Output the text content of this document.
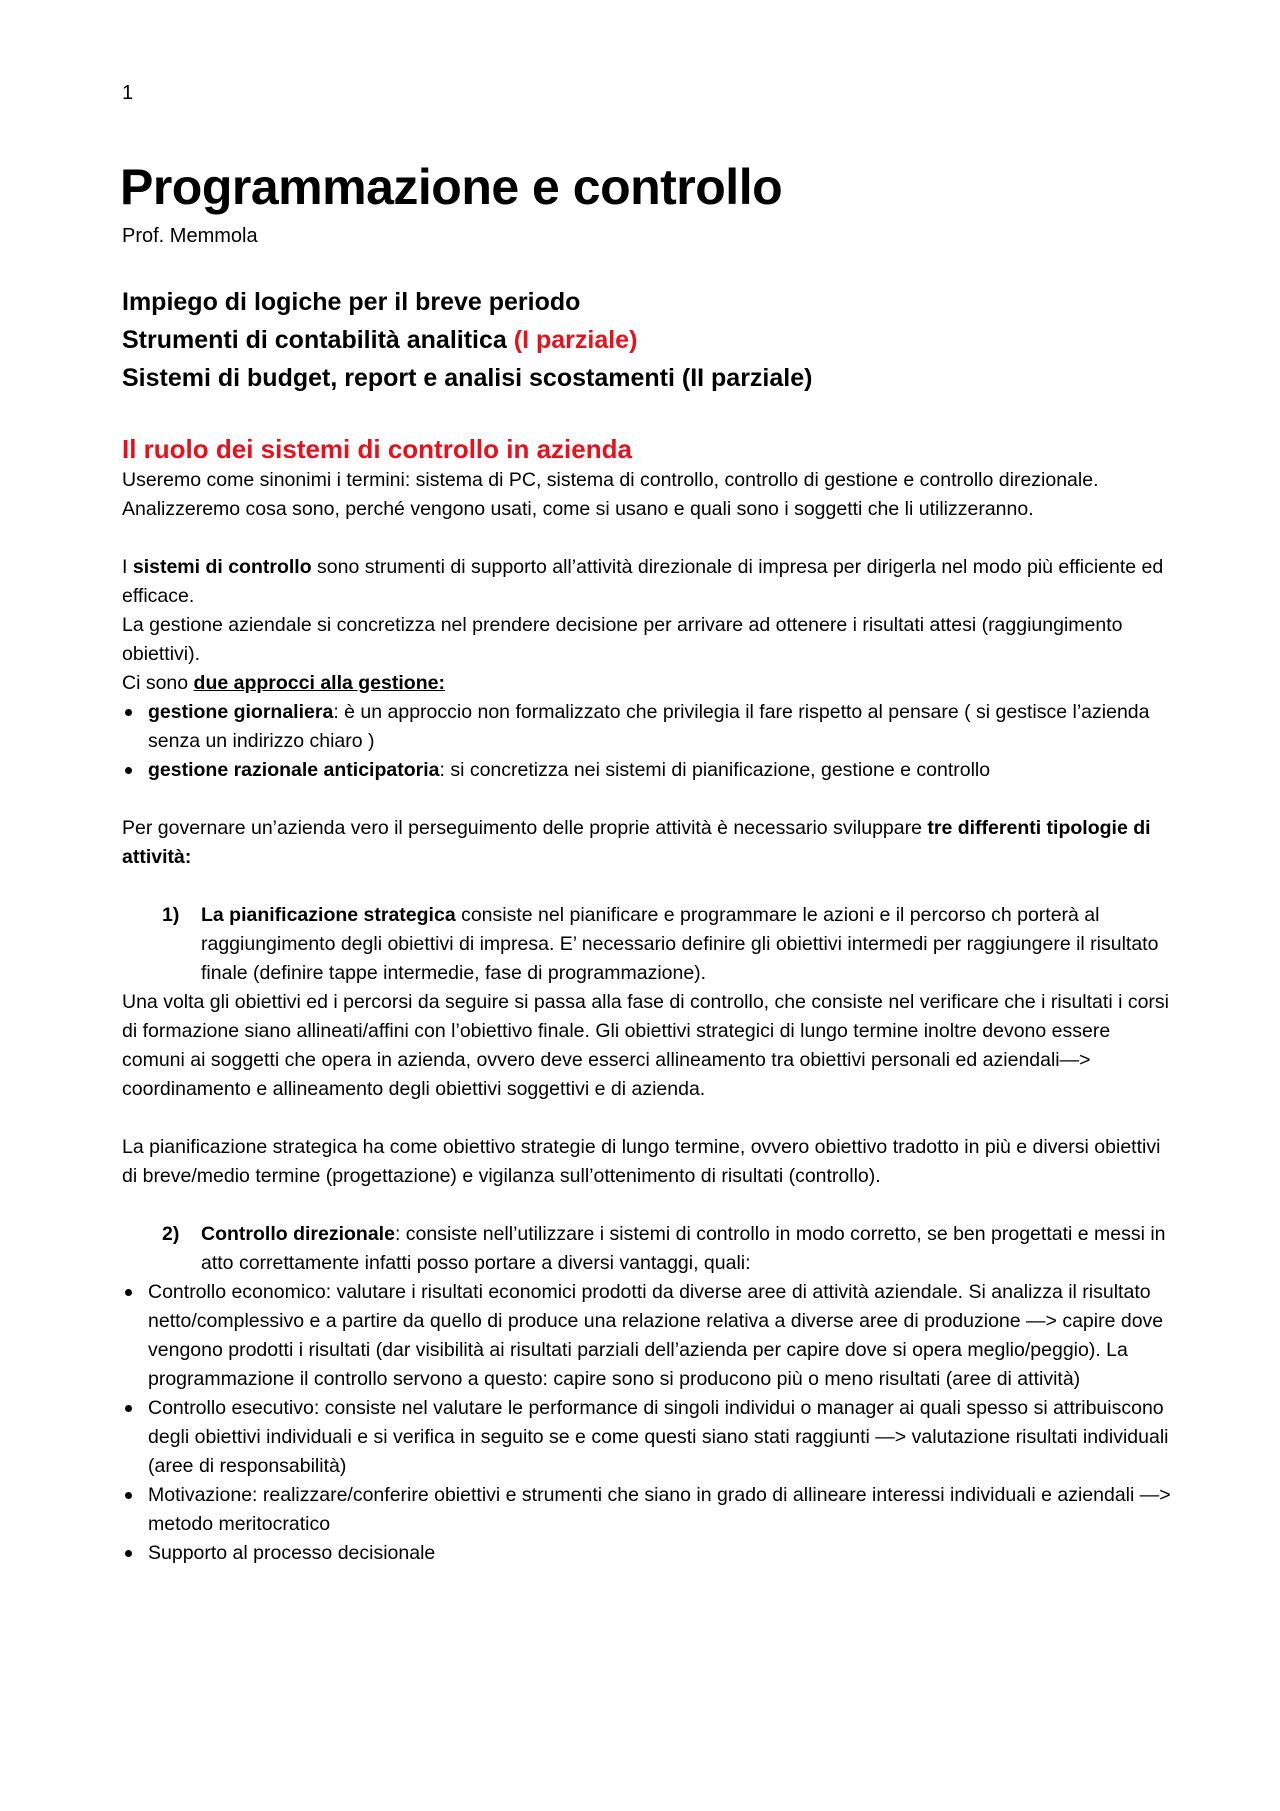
1
Programmazione e controllo
Prof. Memmola
Impiego di logiche per il breve periodo
Strumenti di contabilità analitica (I parziale)
Sistemi di budget, report e analisi scostamenti (II parziale)
Il ruolo dei sistemi di controllo in azienda

Useremo come sinonimi i termini: sistema di PC, sistema di controllo, controllo di gestione e controllo direzionale.

Analizzeremo cosa sono, perché vengono usati, come si usano e quali sono i soggetti che li utilizzeranno.

I sistemi di controllo sono strumenti di supporto all’attività direzionale di impresa per dirigerla nel modo più efficiente ed efficace.

La gestione aziendale si concretizza nel prendere decisione per arrivare ad ottenere i risultati attesi (raggiungimento obiettivi).

Ci sono due approcci alla gestione:

gestione giornaliera: è un approccio non formalizzato che privilegia il fare rispetto al pensare ( si gestisce l’azienda senza un indirizzo chiaro )
gestione razionale anticipatoria: si concretizza nei sistemi di pianificazione, gestione e controllo

Per governare un’azienda vero il perseguimento delle proprie attività è necessario sviluppare tre differenti tipologie di attività:

1) La pianificazione strategica consiste nel pianificare e programmare le azioni e il percorso ch porterà al raggiungimento degli obiettivi di impresa. E’ necessario definire gli obiettivi intermedi per raggiungere il risultato finale (definire tappe intermedie, fase di programmazione).

Una volta gli obiettivi ed i percorsi da seguire si passa alla fase di controllo, che consiste nel verificare che i risultati i corsi di formazione siano allineati/affini con l’obiettivo finale. Gli obiettivi strategici di lungo termine inoltre devono essere comuni ai soggetti che opera in azienda, ovvero deve esserci allineamento tra obiettivi personali ed aziendali—> coordinamento e allineamento degli obiettivi soggettivi e di azienda.

La pianificazione strategica ha come obiettivo strategie di lungo termine, ovvero obiettivo tradotto in più e diversi obiettivi di breve/medio termine (progettazione) e vigilanza sull’ottenimento di risultati (controllo).

2) Controllo direzionale: consiste nell’utilizzare i sistemi di controllo in modo corretto, se ben progettati e messi in atto correttamente infatti posso portare a diversi vantaggi, quali:
Controllo economico: valutare i risultati economici prodotti da diverse aree di attività aziendale. Si analizza il risultato netto/complessivo e a partire da quello di produce una relazione relativa a diverse aree di produzione —> capire dove vengono prodotti i risultati (dar visibilità ai risultati parziali dell’azienda per capire dove si opera meglio/peggio). La programmazione il controllo servono a questo: capire sono si producono più o meno risultati (aree di attività)
Controllo esecutivo: consiste nel valutare le performance di singoli individui o manager ai quali spesso si attribuiscono degli obiettivi individuali e si verifica in seguito se e come questi siano stati raggiunti —> valutazione risultati individuali (aree di responsabilità)
Motivazione: realizzare/conferire obiettivi e strumenti che siano in grado di allineare interessi individuali e aziendali —> metodo meritocratico
Supporto al processo decisionale
